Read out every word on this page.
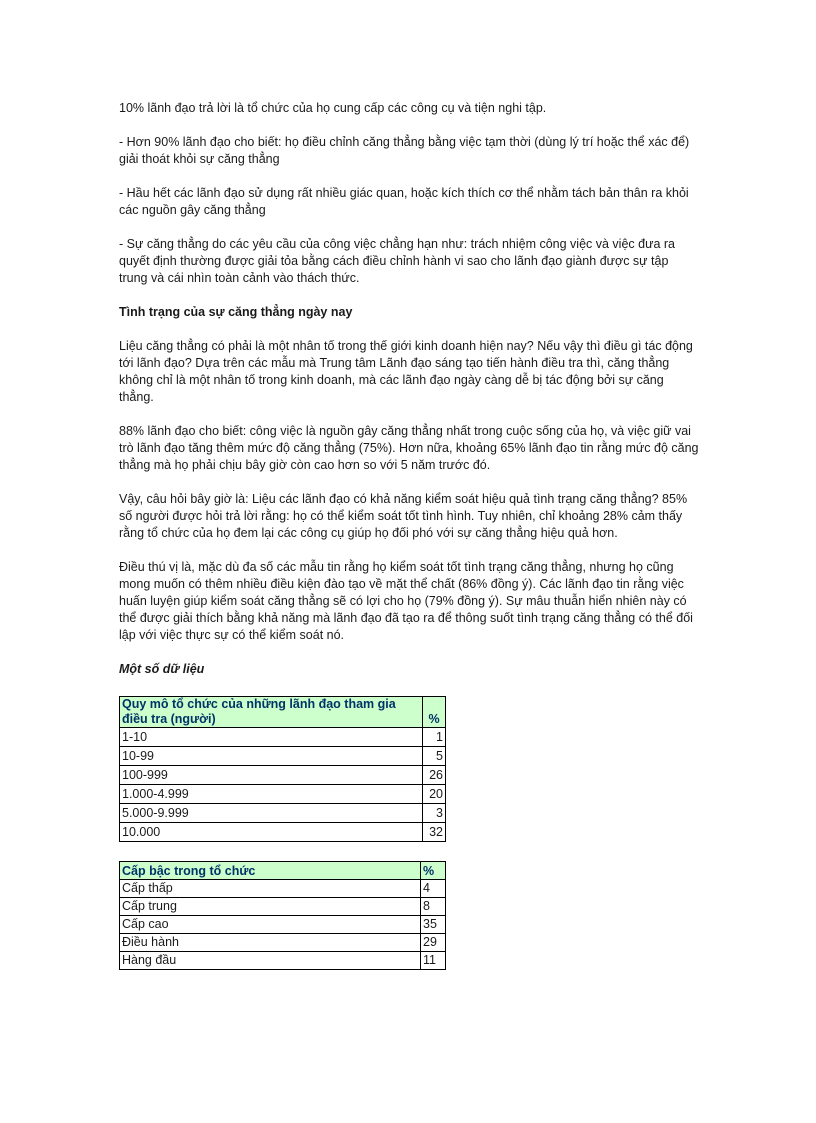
10% lãnh đạo trả lời là tổ chức của họ cung cấp các công cụ và tiện nghi tập.

- Hơn 90% lãnh đạo cho biết: họ điều chỉnh căng thẳng bằng việc tạm thời (dùng lý trí hoặc thể xác để) giải thoát khỏi sự căng thẳng

- Hầu hết các lãnh đạo sử dụng rất nhiều giác quan, hoặc kích thích cơ thể nhằm tách bản thân ra khỏi các nguồn gây căng thẳng

- Sự căng thẳng do các yêu cầu của công việc chẳng hạn như: trách nhiệm công việc và việc đưa ra quyết định thường được giải tỏa bằng cách điều chỉnh hành vi sao cho lãnh đạo giành được sự tập trung và cái nhìn toàn cảnh vào thách thức.

Tình trạng của sự căng thẳng ngày nay

Liệu căng thẳng có phải là một nhân tố trong thế giới kinh doanh hiện nay? Nếu vậy thì điều gì tác động tới lãnh đạo? Dựa trên các mẫu mà Trung tâm Lãnh đạo sáng tạo tiến hành điều tra thì, căng thẳng không chỉ là một nhân tố trong kinh doanh, mà các lãnh đạo ngày càng dễ bị tác động bởi sự căng thẳng.

88% lãnh đạo cho biết: công việc là nguồn gây căng thẳng nhất trong cuộc sống của họ, và việc giữ vai trò lãnh đạo tăng thêm mức độ căng thẳng (75%). Hơn nữa, khoảng 65% lãnh đạo tin rằng mức độ căng thẳng mà họ phải chịu bây giờ còn cao hơn so với 5 năm trước đó.

Vậy, câu hỏi bây giờ là: Liệu các lãnh đạo có khả năng kiểm soát hiệu quả tình trạng căng thẳng? 85% số người được hỏi trả lời rằng: họ có thể kiểm soát tốt tình hình. Tuy nhiên, chỉ khoảng 28% cảm thấy rằng tổ chức của họ đem lại các công cụ giúp họ đối phó với sự căng thẳng hiệu quả hơn.

Điều thú vị là, mặc dù đa số các mẫu tin rằng họ kiểm soát tốt tình trạng căng thẳng, nhưng họ cũng mong muốn có thêm nhiều điều kiện đào tạo về mặt thể chất (86% đồng ý). Các lãnh đạo tin rằng việc huấn luyện giúp kiểm soát căng thẳng sẽ có lợi cho họ (79% đồng ý). Sự mâu thuẫn hiển nhiên này có thể được giải thích bằng khả năng mà lãnh đạo đã tạo ra để thông suốt tình trạng căng thẳng có thể đối lập với việc thực sự có thể kiểm soát nó.

Một số dữ liệu

Quy mô tổ chức của những lãnh đạo tham gia điều tra (người)	%
1-10	1
10-99	5
100-999	26
1.000-4.999	20
5.000-9.999	3
10.000	32
Cấp bậc trong tổ chức	%
Cấp thấp	4
Cấp trung	8
Cấp cao	35
Điều hành	29
Hàng đầu	11
